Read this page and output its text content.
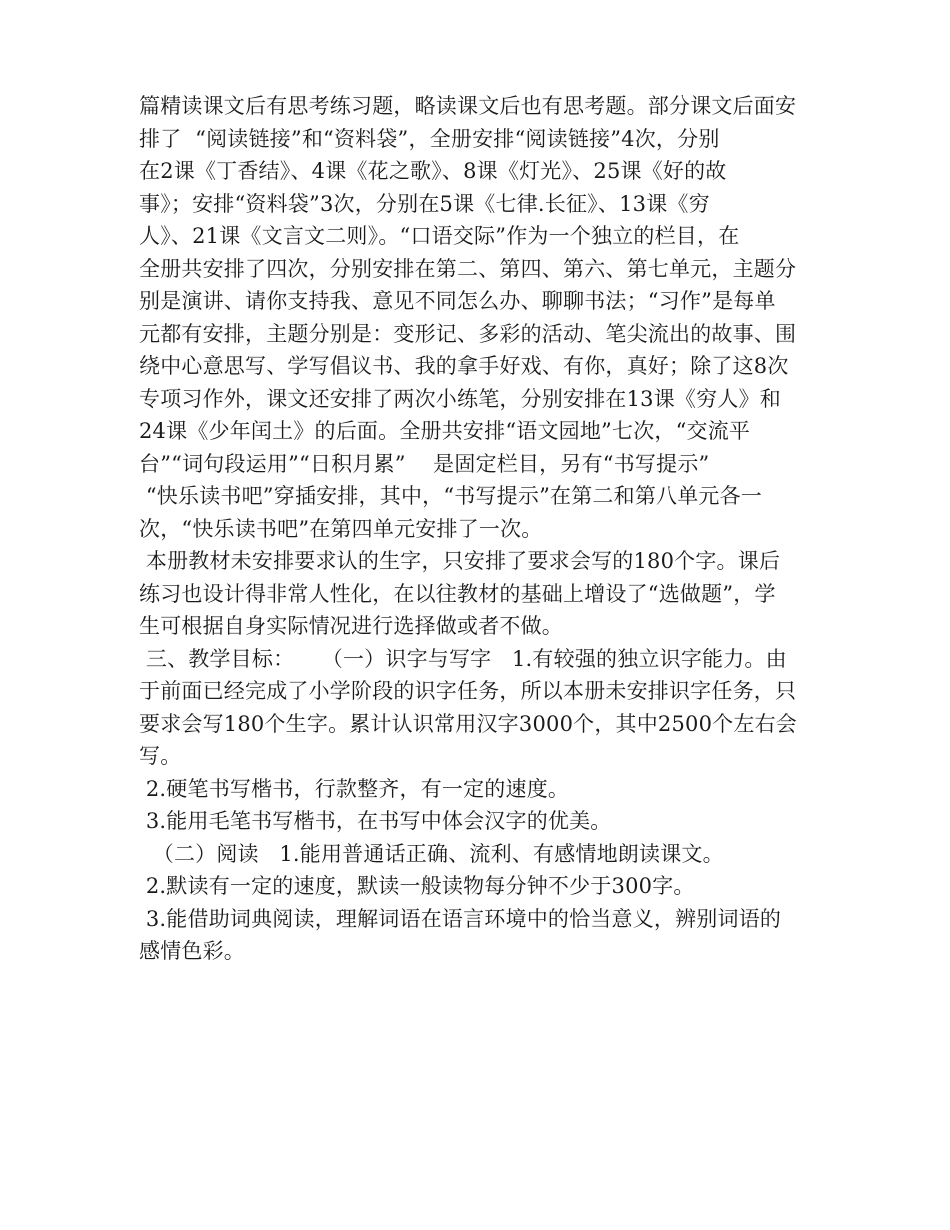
篇精读课文后有思考练习题，略读课文后也有思考题。部分课文后面安
排了  “阅读链接”和“资料袋”，全册安排“阅读链接”4次，分别
在2课《丁香结》、4课《花之歌》、8课《灯光》、25课《好的故
事》；安排“资料袋”3次，分别在5课《七律.长征》、13课《穷
人》、21课《文言文二则》。“口语交际”作为一个独立的栏目，在
全册共安排了四次，分别安排在第二、第四、第六、第七单元，主题分
别是演讲、请你支持我、意见不同怎么办、聊聊书法；“习作”是每单
元都有安排，主题分别是：变形记、多彩的活动、笔尖流出的故事、围
绕中心意思写、学写倡议书、我的拿手好戏、有你，真好；除了这8次
专项习作外，课文还安排了两次小练笔，分别安排在13课《穷人》和
24课《少年闰土》的后面。全册共安排“语文园地”七次，“交流平
台”“词句段运用”“日积月累”    是固定栏目，另有“书写提示”
“快乐读书吧”穿插安排，其中，“书写提示”在第二和第八单元各一
次，“快乐读书吧”在第四单元安排了一次。
本册教材未安排要求认的生字，只安排了要求会写的180个字。课后
练习也设计得非常人性化，在以往教材的基础上增设了“选做题”，学
生可根据自身实际情况进行选择做或者不做。
三、教学目标：    （一）识字与写字   1.有较强的独立识字能力。由
于前面已经完成了小学阶段的识字任务，所以本册未安排识字任务，只
要求会写180个生字。累计认识常用汉字3000个，其中2500个左右会
写。
2.硬笔书写楷书，行款整齐，有一定的速度。
3.能用毛笔书写楷书，在书写中体会汉字的优美。
（二）阅读   1.能用普通话正确、流利、有感情地朗读课文。
2.默读有一定的速度，默读一般读物每分钟不少于300字。
3.能借助词典阅读，理解词语在语言环境中的恰当意义，辨别词语的
感情色彩。
